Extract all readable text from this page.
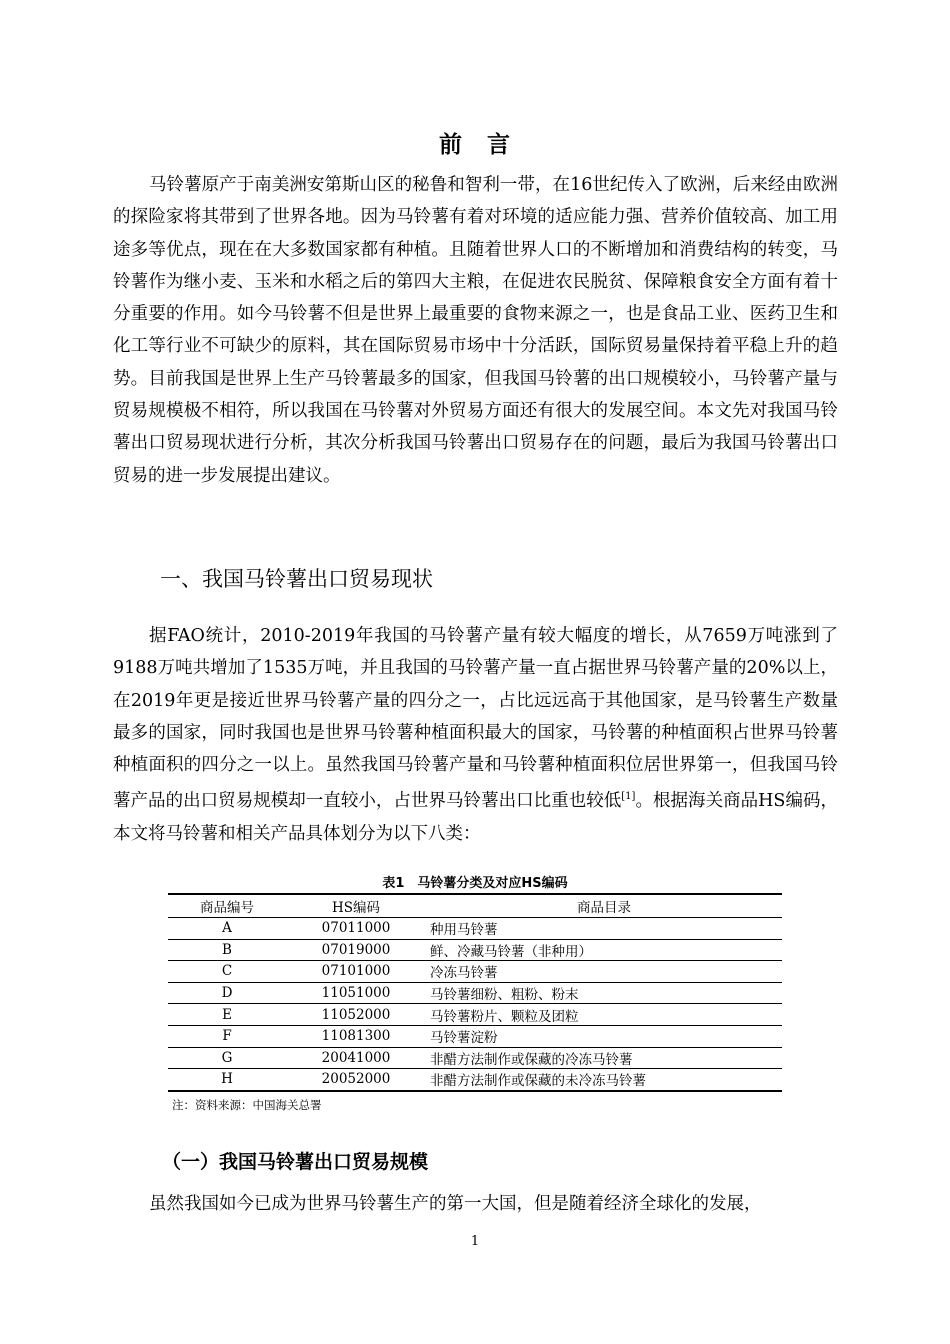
前　言

马铃薯原产于南美洲安第斯山区的秘鲁和智利一带，在16世纪传入了欧洲，后来经由欧洲的探险家将其带到了世界各地。因为马铃薯有着对环境的适应能力强、营养价值较高、加工用途多等优点，现在在大多数国家都有种植。且随着世界人口的不断增加和消费结构的转变，马铃薯作为继小麦、玉米和水稻之后的第四大主粮，在促进农民脱贫、保障粮食安全方面有着十分重要的作用。如今马铃薯不但是世界上最重要的食物来源之一，也是食品工业、医药卫生和化工等行业不可缺少的原料，其在国际贸易市场中十分活跃，国际贸易量保持着平稳上升的趋势。目前我国是世界上生产马铃薯最多的国家，但我国马铃薯的出口规模较小，马铃薯产量与贸易规模极不相符，所以我国在马铃薯对外贸易方面还有很大的发展空间。本文先对我国马铃薯出口贸易现状进行分析，其次分析我国马铃薯出口贸易存在的问题，最后为我国马铃薯出口贸易的进一步发展提出建议。

一、我国马铃薯出口贸易现状

据FAO统计，2010-2019年我国的马铃薯产量有较大幅度的增长，从7659万吨涨到了9188万吨共增加了1535万吨，并且我国的马铃薯产量一直占据世界马铃薯产量的20%以上，在2019年更是接近世界马铃薯产量的四分之一，占比远远高于其他国家，是马铃薯生产数量最多的国家，同时我国也是世界马铃薯种植面积最大的国家，马铃薯的种植面积占世界马铃薯种植面积的四分之一以上。虽然我国马铃薯产量和马铃薯种植面积位居世界第一，但我国马铃薯产品的出口贸易规模却一直较小，占世界马铃薯出口比重也较低[1]。根据海关商品HS编码，本文将马铃薯和相关产品具体划分为以下八类：

表1　马铃薯分类及对应HS编码
商品编号	HS编码	商品目录
A	07011000	种用马铃薯
B	07019000	鲜、冷藏马铃薯（非种用）
C	07101000	冷冻马铃薯
D	11051000	马铃薯细粉、粗粉、粉末
E	11052000	马铃薯粉片、颗粒及团粒
F	11081300	马铃薯淀粉
G	20041000	非醋方法制作或保藏的冷冻马铃薯
H	20052000	非醋方法制作或保藏的未冷冻马铃薯
注：资料来源：中国海关总署
（一）我国马铃薯出口贸易规模

虽然我国如今已成为世界马铃薯生产的第一大国，但是随着经济全球化的发展，

1
